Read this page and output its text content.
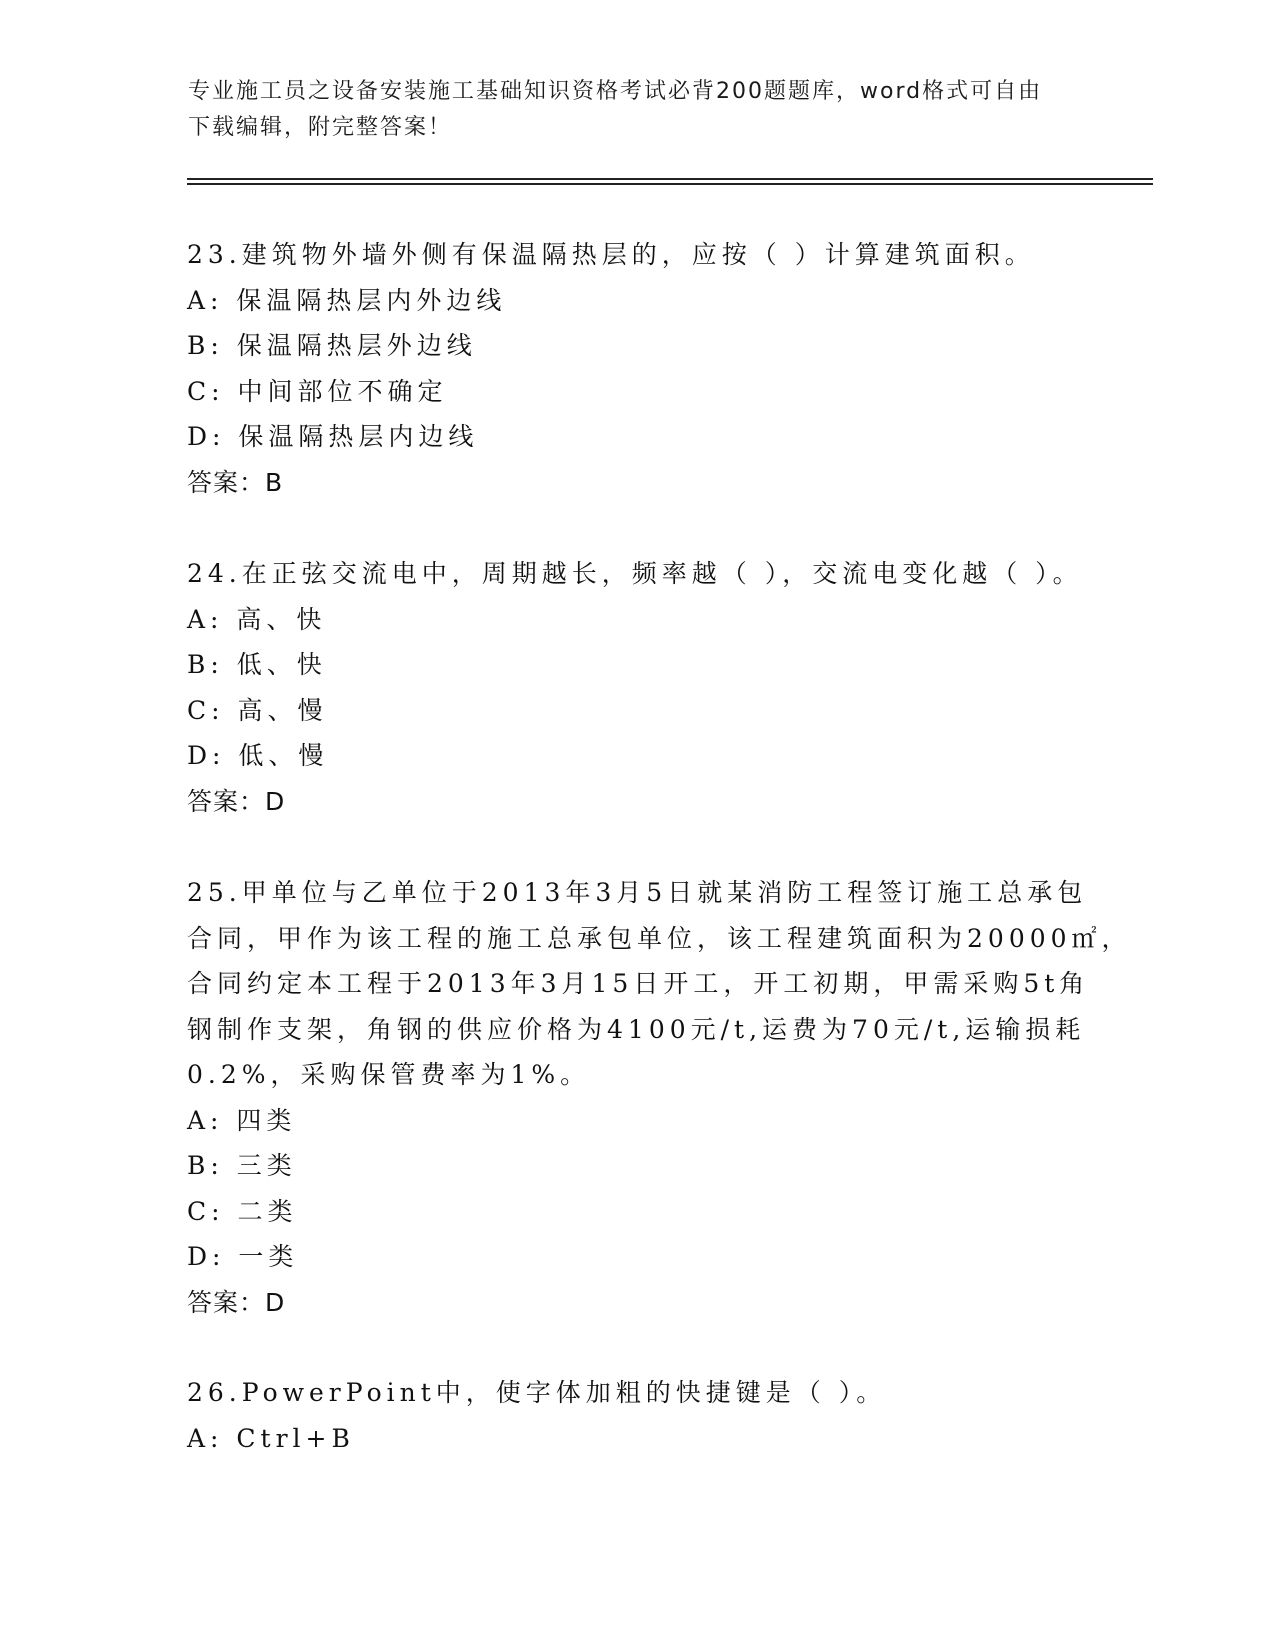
专业施工员之设备安装施工基础知识资格考试必背200题题库，word格式可自由
下载编辑，附完整答案！
23.建筑物外墙外侧有保温隔热层的，应按（ ）计算建筑面积。
A: 保温隔热层内外边线
B: 保温隔热层外边线
C: 中间部位不确定
D: 保温隔热层内边线
答案：B
24.在正弦交流电中，周期越长，频率越（ ），交流电变化越（ ）。
A: 高、快
B: 低、快
C: 高、慢
D: 低、慢
答案：D
25.甲单位与乙单位于2013年3月5日就某消防工程签订施工总承包
合同，甲作为该工程的施工总承包单位，该工程建筑面积为20000㎡，
合同约定本工程于2013年3月15日开工，开工初期，甲需采购5t角
钢制作支架，角钢的供应价格为4100元/t,运费为70元/t,运输损耗
0.2%，采购保管费率为1%。
A: 四类
B: 三类
C: 二类
D: 一类
答案：D
26.PowerPoint中，使字体加粗的快捷键是（ ）。
A: Ctrl+B
